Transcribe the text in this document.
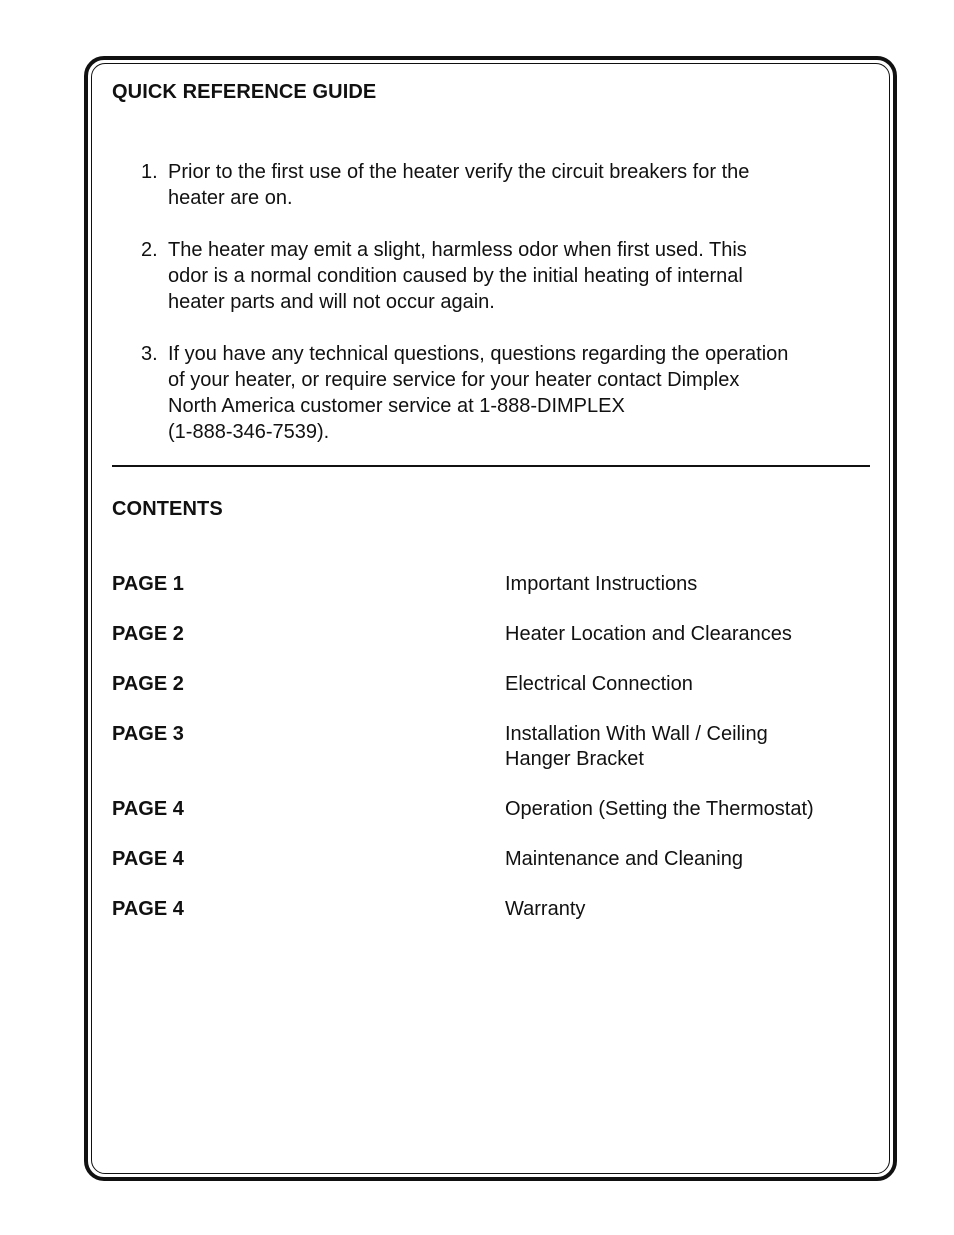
QUICK REFERENCE GUIDE
1. Prior to the first use of the heater verify the circuit breakers for the
heater are on.
2. The heater may emit a slight, harmless odor when first used. This
odor is a normal condition caused by the initial heating of internal
heater parts and will not occur again.
3. If you have any technical questions, questions regarding the operation
of your heater, or require service for your heater contact Dimplex
North America customer service at 1-888-DIMPLEX
(1-888-346-7539).
CONTENTS
PAGE 1	Important Instructions
PAGE 2	Heater Location and Clearances
PAGE 2	Electrical Connection
PAGE 3	Installation With Wall / Ceiling
Hanger Bracket
PAGE 4	Operation (Setting the Thermostat)
PAGE 4	Maintenance and Cleaning
PAGE 4	Warranty
